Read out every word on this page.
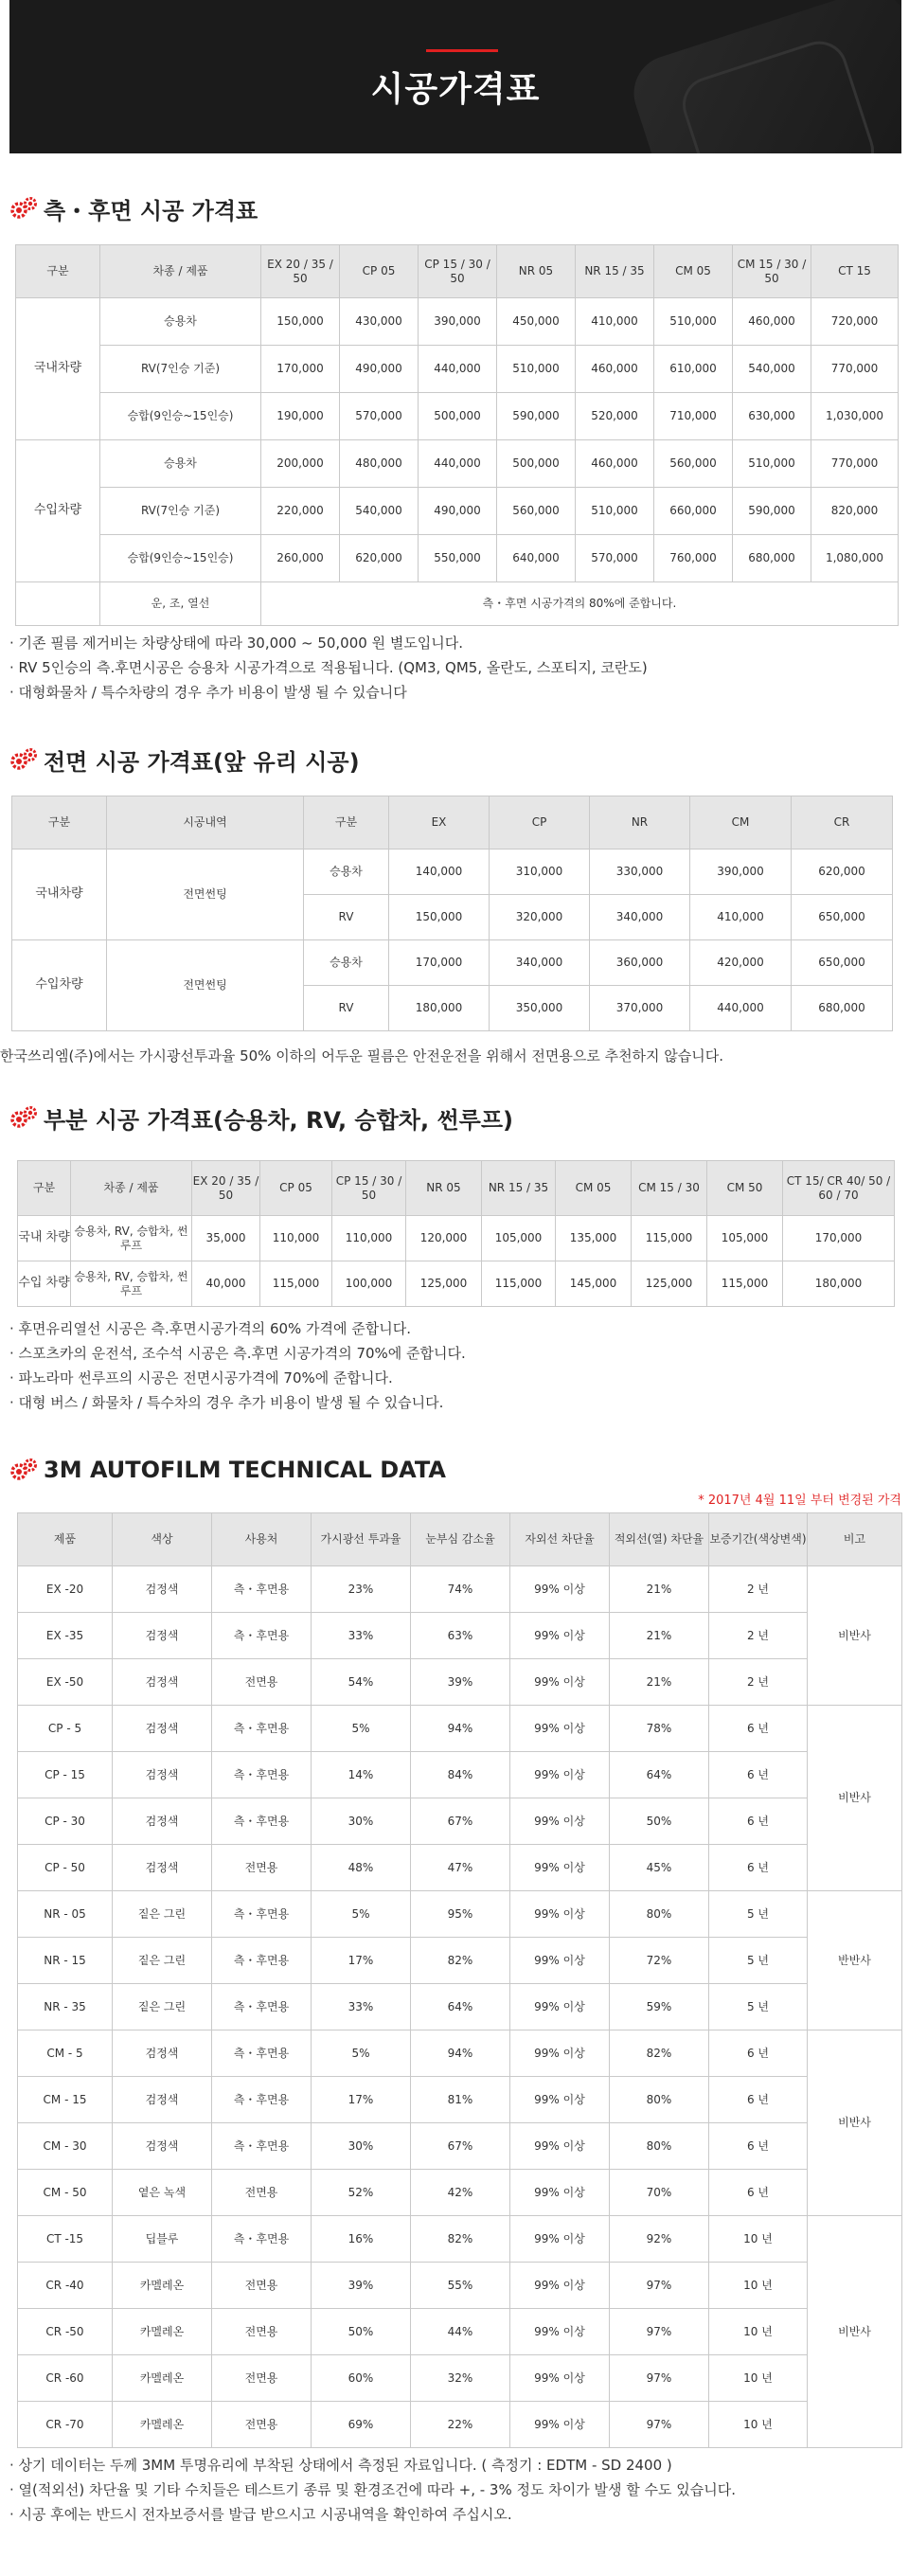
시공가격표
측・후면 시공 가격표
구분	차종 / 제품	EX 20 / 35 / 50	CP 05	CP 15 / 30 / 50	NR 05	NR 15 / 35	CM 05	CM 15 / 30 / 50	CT 15
국내차량	승용차	150,000	430,000	390,000	450,000	410,000	510,000	460,000	720,000
	RV(7인승 기준)	170,000	490,000	440,000	510,000	460,000	610,000	540,000	770,000
	승합(9인승~15인승)	190,000	570,000	500,000	590,000	520,000	710,000	630,000	1,030,000
수입차량	승용차	200,000	480,000	440,000	500,000	460,000	560,000	510,000	770,000
	RV(7인승 기준)	220,000	540,000	490,000	560,000	510,000	660,000	590,000	820,000
	승합(9인승~15인승)	260,000	620,000	550,000	640,000	570,000	760,000	680,000	1,080,000
	운, 조, 열선	측・후면 시공가격의 80%에 준합니다.							
· 기존 필름 제거비는 차량상태에 따라 30,000 ~ 50,000 원 별도입니다.
· RV 5인승의 측.후면시공은 승용차 시공가격으로 적용됩니다. (QM3, QM5, 올란도, 스포티지, 코란도)
· 대형화물차 / 특수차량의 경우 추가 비용이 발생 될 수 있습니다
전면 시공 가격표(앞 유리 시공)
구분	시공내역	구분	EX	CP	NR	CM	CR
국내차량	전면썬팅	승용차	140,000	310,000	330,000	390,000	620,000
		RV	150,000	320,000	340,000	410,000	650,000
수입차량	전면썬팅	승용차	170,000	340,000	360,000	420,000	650,000
		RV	180,000	350,000	370,000	440,000	680,000
한국쓰리엠(주)에서는 가시광선투과율 50% 이하의 어두운 필름은 안전운전을 위해서 전면용으로 추천하지 않습니다.
부분 시공 가격표(승용차, RV, 승합차, 썬루프)
구분	차종 / 제품	EX 20 / 35 / 50	CP 05	CP 15 / 30 / 50	NR 05	NR 15 / 35	CM 05	CM 15 / 30	CM 50	CT 15/ CR 40/ 50 / 60 / 70
국내 차량	승용차, RV, 승합차, 썬루프	35,000	110,000	110,000	120,000	105,000	135,000	115,000	105,000	170,000
수입 차량	승용차, RV, 승합차, 썬루프	40,000	115,000	100,000	125,000	115,000	145,000	125,000	115,000	180,000
· 후면유리열선 시공은 측.후면시공가격의 60% 가격에 준합니다.
· 스포츠카의 운전석, 조수석 시공은 측.후면 시공가격의 70%에 준합니다.
· 파노라마 썬루프의 시공은 전면시공가격에 70%에 준합니다.
· 대형 버스 / 화물차 / 특수차의 경우 추가 비용이 발생 될 수 있습니다.
3M AUTOFILM TECHNICAL DATA
* 2017년 4월 11일 부터 변경된 가격
제품	색상	사용처	가시광선 투과율	눈부심 감소율	자외선 차단율	적외선(열) 차단율	보증기간(색상변색)	비고
EX -20	검정색	측・후면용	23%	74%	99% 이상	21%	2 년	비반사
EX -35	검정색	측・후면용	33%	63%	99% 이상	21%	2 년	
EX -50	검정색	전면용	54%	39%	99% 이상	21%	2 년	
CP - 5	검정색	측・후면용	5%	94%	99% 이상	78%	6 년	비반사
CP - 15	검정색	측・후면용	14%	84%	99% 이상	64%	6 년	
CP - 30	검정색	측・후면용	30%	67%	99% 이상	50%	6 년	
CP - 50	검정색	전면용	48%	47%	99% 이상	45%	6 년	
NR - 05	짙은 그린	측・후면용	5%	95%	99% 이상	80%	5 년	반반사
NR - 15	짙은 그린	측・후면용	17%	82%	99% 이상	72%	5 년	
NR - 35	짙은 그린	측・후면용	33%	64%	99% 이상	59%	5 년	
CM - 5	검정색	측・후면용	5%	94%	99% 이상	82%	6 년	비반사
CM - 15	검정색	측・후면용	17%	81%	99% 이상	80%	6 년	
CM - 30	검정색	측・후면용	30%	67%	99% 이상	80%	6 년	
CM - 50	옅은 녹색	전면용	52%	42%	99% 이상	70%	6 년	
CT -15	딥블루	측・후면용	16%	82%	99% 이상	92%	10 년	비반사
CR -40	카멜레온	전면용	39%	55%	99% 이상	97%	10 년	
CR -50	카멜레온	전면용	50%	44%	99% 이상	97%	10 년	
CR -60	카멜레온	전면용	60%	32%	99% 이상	97%	10 년	
CR -70	카멜레온	전면용	69%	22%	99% 이상	97%	10 년	
· 상기 데이터는 두께 3MM 투명유리에 부착된 상태에서 측정된 자료입니다. ( 측정기 : EDTM - SD 2400 )
· 열(적외선) 차단율 및 기타 수치들은 테스트기 종류 및 환경조건에 따라 +, - 3% 정도 차이가 발생 할 수도 있습니다.
· 시공 후에는 반드시 전자보증서를 발급 받으시고 시공내역을 확인하여 주십시오.
